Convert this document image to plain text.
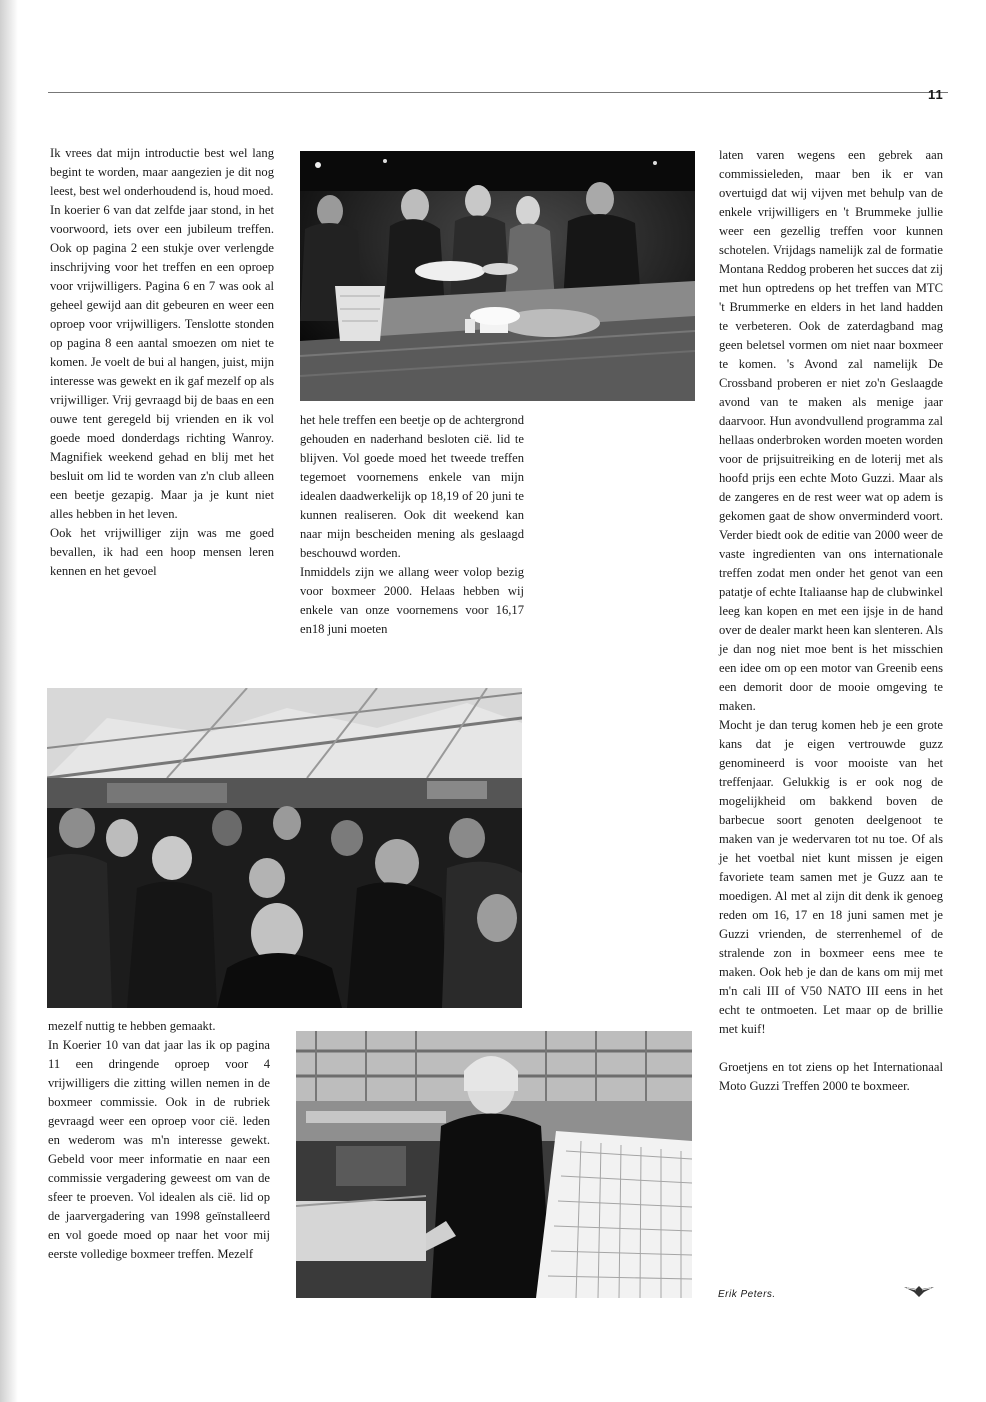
11

Ik vrees dat mijn introductie best wel lang begint te worden, maar aangezien je dit nog leest, best wel onderhoudend is, houd moed.

In koerier 6 van dat zelfde jaar stond, in het voorwoord, iets over een jubileum treffen. Ook op pagina 2 een stukje over verlengde inschrijving voor het treffen en een oproep voor vrijwilligers. Pagina 6 en 7 was ook al geheel gewijd aan dit gebeuren en weer een oproep voor vrijwilligers. Tenslotte stonden op pagina 8 een aantal smoezen om niet te komen. Je voelt de bui al hangen, juist, mijn interesse was gewekt en ik gaf mezelf op als vrijwilliger. Vrij gevraagd bij de baas en een ouwe tent geregeld bij vrienden en ik vol goede moed donderdags richting Wanroy. Magnifiek weekend gehad en blij met het besluit om lid te worden van z'n club alleen een beetje gezapig. Maar ja je kunt niet alles hebben in het leven.

Ook het vrijwilliger zijn was me goed bevallen, ik had een hoop mensen leren kennen en het gevoel

het hele treffen een beetje op de achtergrond gehouden en naderhand besloten cië. lid te blijven. Vol goede moed het tweede treffen tegemoet voornemens enkele van mijn idealen daadwerkelijk op 18,19 of 20 juni te kunnen realiseren. Ook dit weekend kan naar mijn bescheiden mening als geslaagd beschouwd worden.

Inmiddels zijn we allang weer volop bezig voor boxmeer 2000. Helaas hebben wij enkele van onze voornemens voor 16,17 en18 juni moeten

laten varen wegens een gebrek aan commissieleden, maar ben ik er van overtuigd dat wij vijven met behulp van de enkele vrijwilligers en 't Brummeke jullie weer een gezellig treffen voor kunnen schotelen. Vrijdags namelijk zal de formatie Montana Reddog proberen het succes dat zij met hun optredens op het treffen van MTC 't Brummerke en elders in het land hadden te verbeteren. Ook de zaterdagband mag geen beletsel vormen om niet naar boxmeer te komen. 's Avond zal namelijk De Crossband proberen er niet zo'n Geslaagde avond van te maken als menige jaar daarvoor. Hun avondvullend programma zal hellaas onderbroken worden moeten worden voor de prijsuitreiking en de loterij met als hoofd prijs een echte Moto Guzzi. Maar als de zangeres en de rest weer wat op adem is gekomen gaat de show onverminderd voort. Verder biedt ook de editie van 2000 weer de vaste ingredienten van ons internationale treffen zodat men onder het genot van een patatje of echte Italiaanse hap de clubwinkel leeg kan kopen en met een ijsje in de hand over de dealer markt heen kan slenteren. Als je dan nog niet moe bent is het misschien een idee om op een motor van Greenib eens een demorit door de mooie omgeving te maken.

Mocht je dan terug komen heb je een grote kans dat je eigen vertrouwde guzz genomineerd is voor mooiste van het treffenjaar. Gelukkig is er ook nog de mogelijkheid om bakkend boven de barbecue soort genoten deelgenoot te maken van je wedervaren tot nu toe. Of als je het voetbal niet kunt missen je eigen favoriete team samen met je Guzz aan te moedigen. Al met al zijn dit denk ik genoeg reden om 16, 17 en 18 juni samen met je Guzzi vrienden, de sterrenhemel of de stralende zon in boxmeer eens mee te maken. Ook heb je dan de kans om mij met m'n cali III of V50 NATO III eens in het echt te ontmoeten. Let maar op de brillie met kuif!

Groetjens en tot ziens op het Internationaal Moto Guzzi Treffen 2000 te boxmeer.

mezelf nuttig te hebben gemaakt.

In Koerier 10 van dat jaar las ik op pagina 11 een dringende oproep voor 4 vrijwilligers die zitting willen nemen in de boxmeer commissie. Ook in de rubriek gevraagd weer een oproep voor cië. leden en wederom was m'n interesse gewekt. Gebeld voor meer informatie en naar een commissie vergadering geweest om van de sfeer te proeven. Vol idealen als cië. lid op de jaarvergadering van 1998 geïnstalleerd en vol goede moed op naar het voor mij eerste volledige boxmeer treffen. Mezelf

Erik Peters.
